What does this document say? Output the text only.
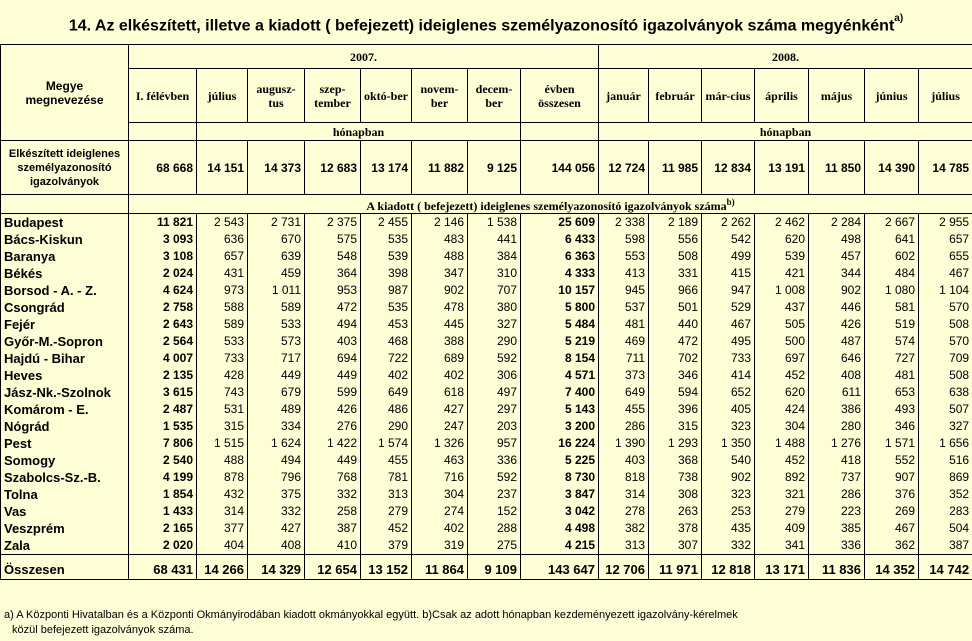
14. Az elkészített, illetve a kiadott ( befejezett) ideiglenes személyazonosító igazolványok száma megyénként$^{a)}$
Megye megnevezése	2007.								2008.						
	I. félévben	július	augusz-tus	szep-tember	októ-ber	novem-ber	decem-ber	évben összesen	január	február	már-cius	április	május	június	július
		hónapban							hónapban						
Elkészített ideiglenes személyazonosító igazolványok	68 668	14 151	14 373	12 683	13 174	11 882	9 125	144 056	12 724	11 985	12 834	13 191	11 850	14 390	14 785
	A kiadott ( befejezett) ideiglenes személyazonosító igazolványok száma$^{b)}$
Budapest	11 821	2 543	2 731	2 375	2 455	2 146	1 538	25 609	2 338	2 189	2 262	2 462	2 284	2 667	2 955
Bács-Kiskun	3 093	636	670	575	535	483	441	6 433	598	556	542	620	498	641	657
Baranya	3 108	657	639	548	539	488	384	6 363	553	508	499	539	457	602	655
Békés	2 024	431	459	364	398	347	310	4 333	413	331	415	421	344	484	467
Borsod - A. - Z.	4 624	973	1 011	953	987	902	707	10 157	945	966	947	1 008	902	1 080	1 104
Csongrád	2 758	588	589	472	535	478	380	5 800	537	501	529	437	446	581	570
Fejér	2 643	589	533	494	453	445	327	5 484	481	440	467	505	426	519	508
Győr-M.-Sopron	2 564	533	573	403	468	388	290	5 219	469	472	495	500	487	574	570
Hajdú - Bihar	4 007	733	717	694	722	689	592	8 154	711	702	733	697	646	727	709
Heves	2 135	428	449	449	402	402	306	4 571	373	346	414	452	408	481	508
Jász-Nk.-Szolnok	3 615	743	679	599	649	618	497	7 400	649	594	652	620	611	653	638
Komárom - E.	2 487	531	489	426	486	427	297	5 143	455	396	405	424	386	493	507
Nógrád	1 535	315	334	276	290	247	203	3 200	286	315	323	304	280	346	327
Pest	7 806	1 515	1 624	1 422	1 574	1 326	957	16 224	1 390	1 293	1 350	1 488	1 276	1 571	1 656
Somogy	2 540	488	494	449	455	463	336	5 225	403	368	540	452	418	552	516
Szabolcs-Sz.-B.	4 199	878	796	768	781	716	592	8 730	818	738	902	892	737	907	869
Tolna	1 854	432	375	332	313	304	237	3 847	314	308	323	321	286	376	352
Vas	1 433	314	332	258	279	274	152	3 042	278	263	253	279	223	269	283
Veszprém	2 165	377	427	387	452	402	288	4 498	382	378	435	409	385	467	504
Zala	2 020	404	408	410	379	319	275	4 215	313	307	332	341	336	362	387
Összesen	68 431	14 266	14 329	12 654	13 152	11 864	9 109	143 647	12 706	11 971	12 818	13 171	11 836	14 352	14 742
a) A Központi Hivatalban és a Központi Okmányirodában kiadott okmányokkal együtt. b)Csak az adott hónapban kezdeményezett igazolvány-kérelmek
közül befejezett igazolványok száma.
